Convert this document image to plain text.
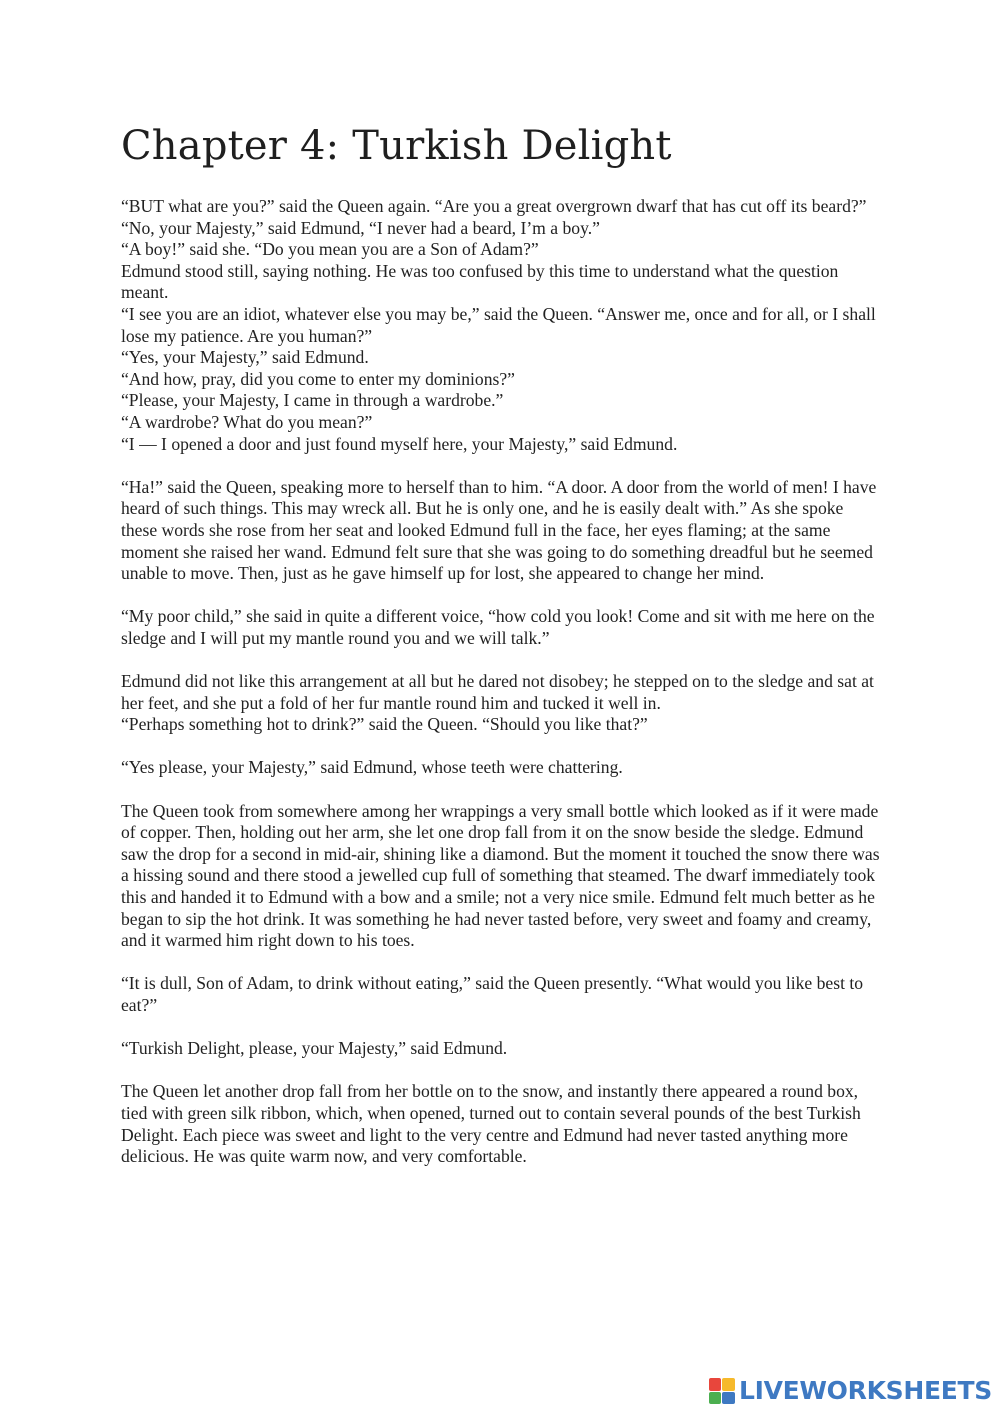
Chapter 4: Turkish Delight
“BUT what are you?” said the Queen again. “Are you a great overgrown dwarf that has cut off its beard?”
“No, your Majesty,” said Edmund, “I never had a beard, I’m a boy.”
“A boy!” said she. “Do you mean you are a Son of Adam?”
Edmund stood still, saying nothing. He was too confused by this time to understand what the question meant.
“I see you are an idiot, whatever else you may be,” said the Queen. “Answer me, once and for all, or I shall lose my patience. Are you human?”
“Yes, your Majesty,” said Edmund.
“And how, pray, did you come to enter my dominions?”
“Please, your Majesty, I came in through a wardrobe.”
“A wardrobe? What do you mean?”
“I — I opened a door and just found myself here, your Majesty,” said Edmund.
“Ha!” said the Queen, speaking more to herself than to him. “A door. A door from the world of men! I have heard of such things. This may wreck all. But he is only one, and he is easily dealt with.” As she spoke these words she rose from her seat and looked Edmund full in the face, her eyes flaming; at the same moment she raised her wand. Edmund felt sure that she was going to do something dreadful but he seemed unable to move. Then, just as he gave himself up for lost, she appeared to change her mind.
“My poor child,” she said in quite a different voice, “how cold you look! Come and sit with me here on the sledge and I will put my mantle round you and we will talk.”
Edmund did not like this arrangement at all but he dared not disobey; he stepped on to the sledge and sat at her feet, and she put a fold of her fur mantle round him and tucked it well in.
“Perhaps something hot to drink?” said the Queen. “Should you like that?”
“Yes please, your Majesty,” said Edmund, whose teeth were chattering.
The Queen took from somewhere among her wrappings a very small bottle which looked as if it were made of copper. Then, holding out her arm, she let one drop fall from it on the snow beside the sledge. Edmund saw the drop for a second in mid-air, shining like a diamond. But the moment it touched the snow there was a hissing sound and there stood a jewelled cup full of something that steamed. The dwarf immediately took this and handed it to Edmund with a bow and a smile; not a very nice smile. Edmund felt much better as he began to sip the hot drink. It was something he had never tasted before, very sweet and foamy and creamy, and it warmed him right down to his toes.
“It is dull, Son of Adam, to drink without eating,” said the Queen presently. “What would you like best to eat?”
“Turkish Delight, please, your Majesty,” said Edmund.
The Queen let another drop fall from her bottle on to the snow, and instantly there appeared a round box, tied with green silk ribbon, which, when opened, turned out to contain several pounds of the best Turkish Delight. Each piece was sweet and light to the very centre and Edmund had never tasted anything more delicious. He was quite warm now, and very comfortable.
LIVEWORKSHEETS
